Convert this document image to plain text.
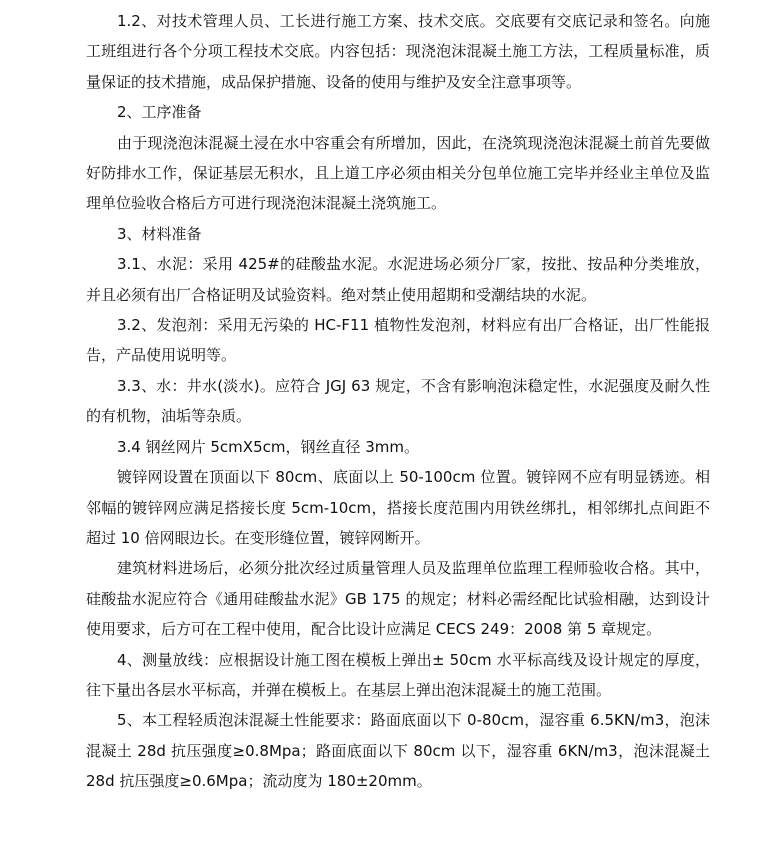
1.2、对技术管理人员、工长进行施工方案、技术交底。交底要有交底记录和签名。向施工班组进行各个分项工程技术交底。内容包括：现浇泡沫混凝土施工方法，工程质量标准，质量保证的技术措施，成品保护措施、设备的使用与维护及安全注意事项等。

2、工序准备

由于现浇泡沫混凝土浸在水中容重会有所增加，因此，在浇筑现浇泡沫混凝土前首先要做好防排水工作，保证基层无积水，且上道工序必须由相关分包单位施工完毕并经业主单位及监理单位验收合格后方可进行现浇泡沫混凝土浇筑施工。

3、材料准备

3.1、水泥：采用 425#的硅酸盐水泥。水泥进场必须分厂家，按批、按品种分类堆放，并且必须有出厂合格证明及试验资料。绝对禁止使用超期和受潮结块的水泥。

3.2、发泡剂：采用无污染的 HC-F11 植物性发泡剂，材料应有出厂合格证，出厂性能报告，产品使用说明等。

3.3、水：井水(淡水)。应符合 JGJ 63 规定，不含有影响泡沫稳定性，水泥强度及耐久性的有机物，油垢等杂质。

3.4 钢丝网片 5cmX5cm，钢丝直径 3mm。

镀锌网设置在顶面以下 80cm、底面以上 50-100cm 位置。镀锌网不应有明显锈迹。相邻幅的镀锌网应满足搭接长度 5cm-10cm，搭接长度范围内用铁丝绑扎，相邻绑扎点间距不超过 10 倍网眼边长。在变形缝位置，镀锌网断开。

建筑材料进场后，必须分批次经过质量管理人员及监理单位监理工程师验收合格。其中，硅酸盐水泥应符合《通用硅酸盐水泥》GB 175 的规定；材料必需经配比试验相融，达到设计使用要求，后方可在工程中使用，配合比设计应满足 CECS 249：2008 第 5 章规定。

4、测量放线：应根据设计施工图在模板上弹出± 50cm 水平标高线及设计规定的厚度，往下量出各层水平标高，并弹在模板上。在基层上弹出泡沫混凝土的施工范围。

5、本工程轻质泡沫混凝土性能要求：路面底面以下 0-80cm，湿容重 6.5KN/m3，泡沫混凝土 28d 抗压强度≥0.8Mpa；路面底面以下 80cm 以下，湿容重 6KN/m3，泡沫混凝土 28d 抗压强度≥0.6Mpa；流动度为 180±20mm。
